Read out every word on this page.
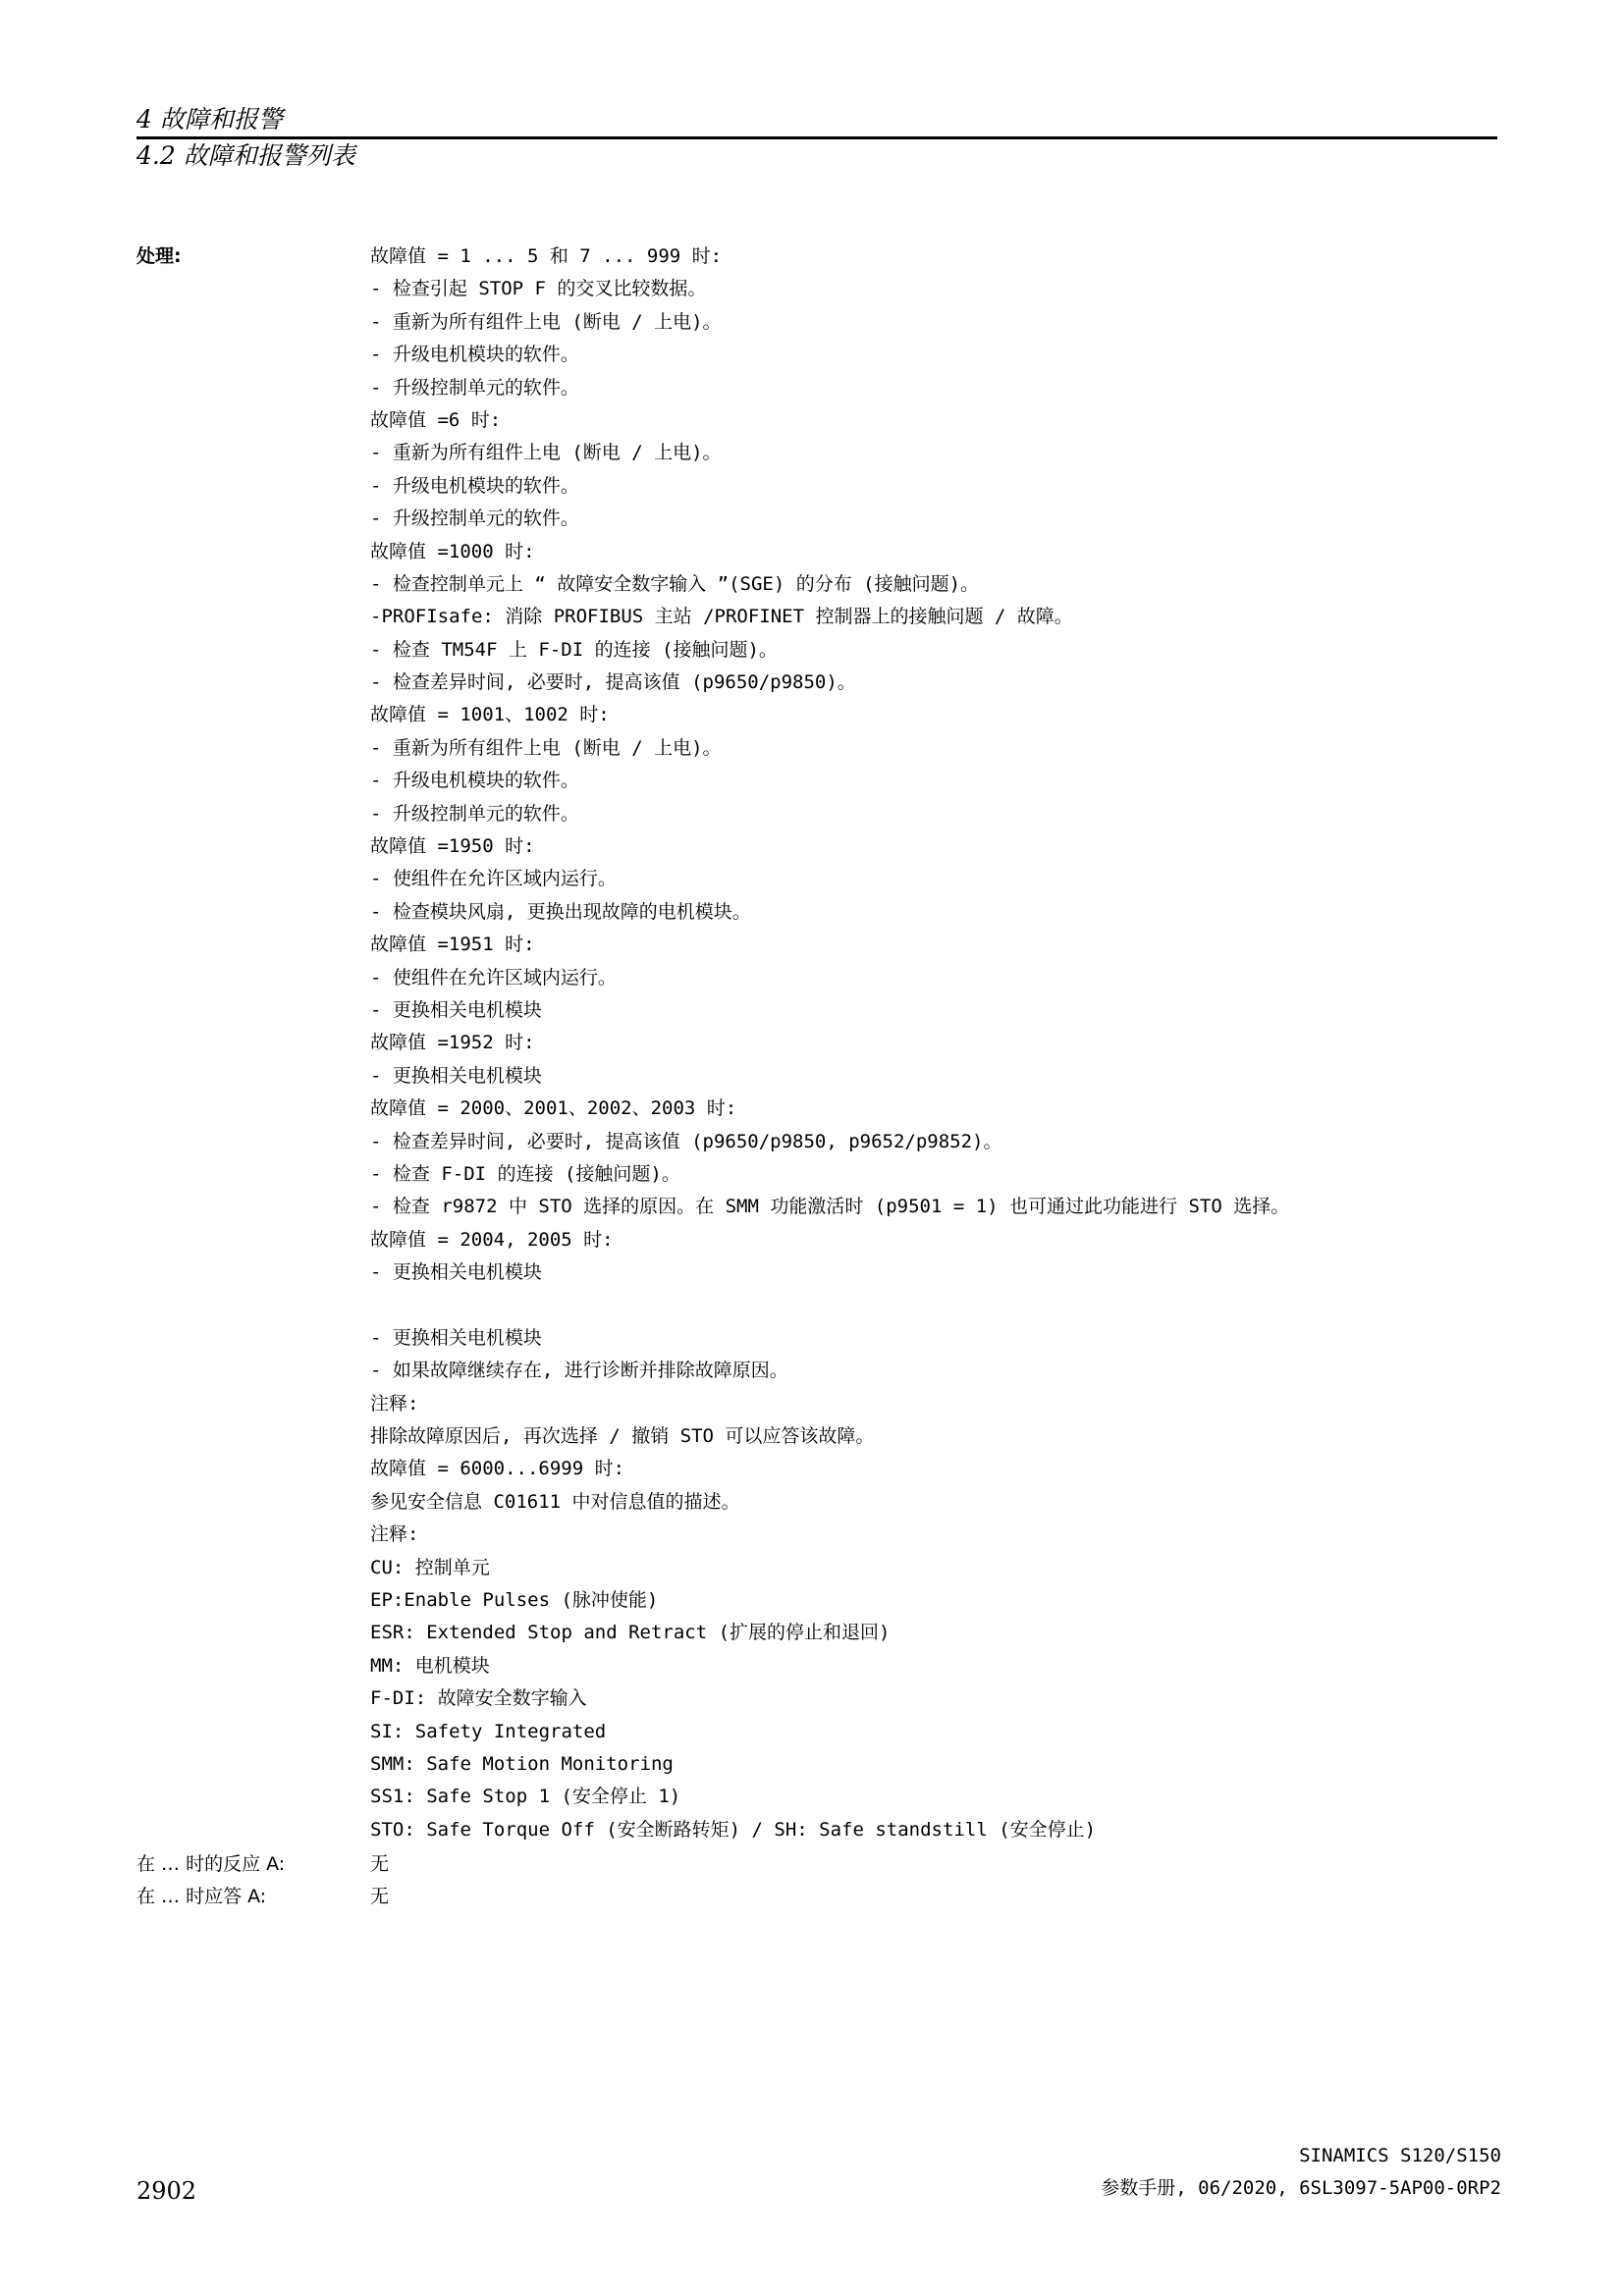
4 故障和报警
4.2 故障和报警列表
处理:	故障值 = 1 ... 5 和 7 ... 999 时:
- 检查引起 STOP F 的交叉比较数据。
- 重新为所有组件上电 (断电 / 上电)。
- 升级电机模块的软件。
- 升级控制单元的软件。
故障值 =6 时:
- 重新为所有组件上电 (断电 / 上电)。
- 升级电机模块的软件。
- 升级控制单元的软件。
故障值 =1000 时:
- 检查控制单元上 “ 故障安全数字输入 ”(SGE) 的分布 (接触问题)。
-PROFIsafe: 消除 PROFIBUS 主站 /PROFINET 控制器上的接触问题 / 故障。
- 检查 TM54F 上 F-DI 的连接 (接触问题)。
- 检查差异时间, 必要时, 提高该值 (p9650/p9850)。
故障值 = 1001、1002 时:
- 重新为所有组件上电 (断电 / 上电)。
- 升级电机模块的软件。
- 升级控制单元的软件。
故障值 =1950 时:
- 使组件在允许区域内运行。
- 检查模块风扇, 更换出现故障的电机模块。
故障值 =1951 时:
- 使组件在允许区域内运行。
- 更换相关电机模块
故障值 =1952 时:
- 更换相关电机模块
故障值 = 2000、2001、2002、2003 时:
- 检查差异时间, 必要时, 提高该值 (p9650/p9850, p9652/p9852)。
- 检查 F-DI 的连接 (接触问题)。
- 检查 r9872 中 STO 选择的原因。在 SMM 功能激活时 (p9501 = 1) 也可通过此功能进行 STO 选择。
故障值 = 2004, 2005 时:
- 更换相关电机模块
- 更换相关电机模块
- 如果故障继续存在, 进行诊断并排除故障原因。
注释:
排除故障原因后, 再次选择 / 撤销 STO 可以应答该故障。
故障值 = 6000...6999 时:
参见安全信息 C01611 中对信息值的描述。
注释:
CU: 控制单元
EP:Enable Pulses (脉冲使能)
ESR: Extended Stop and Retract (扩展的停止和退回)
MM: 电机模块
F-DI: 故障安全数字输入
SI: Safety Integrated
SMM: Safe Motion Monitoring
SS1: Safe Stop 1 (安全停止 1)
STO: Safe Torque Off (安全断路转矩) / SH: Safe standstill (安全停止)
在 … 时的反应 A:	无
在 … 时应答 A:	无
SINAMICS S120/S150
参数手册, 06/2020, 6SL3097-5AP00-0RP2
2902
